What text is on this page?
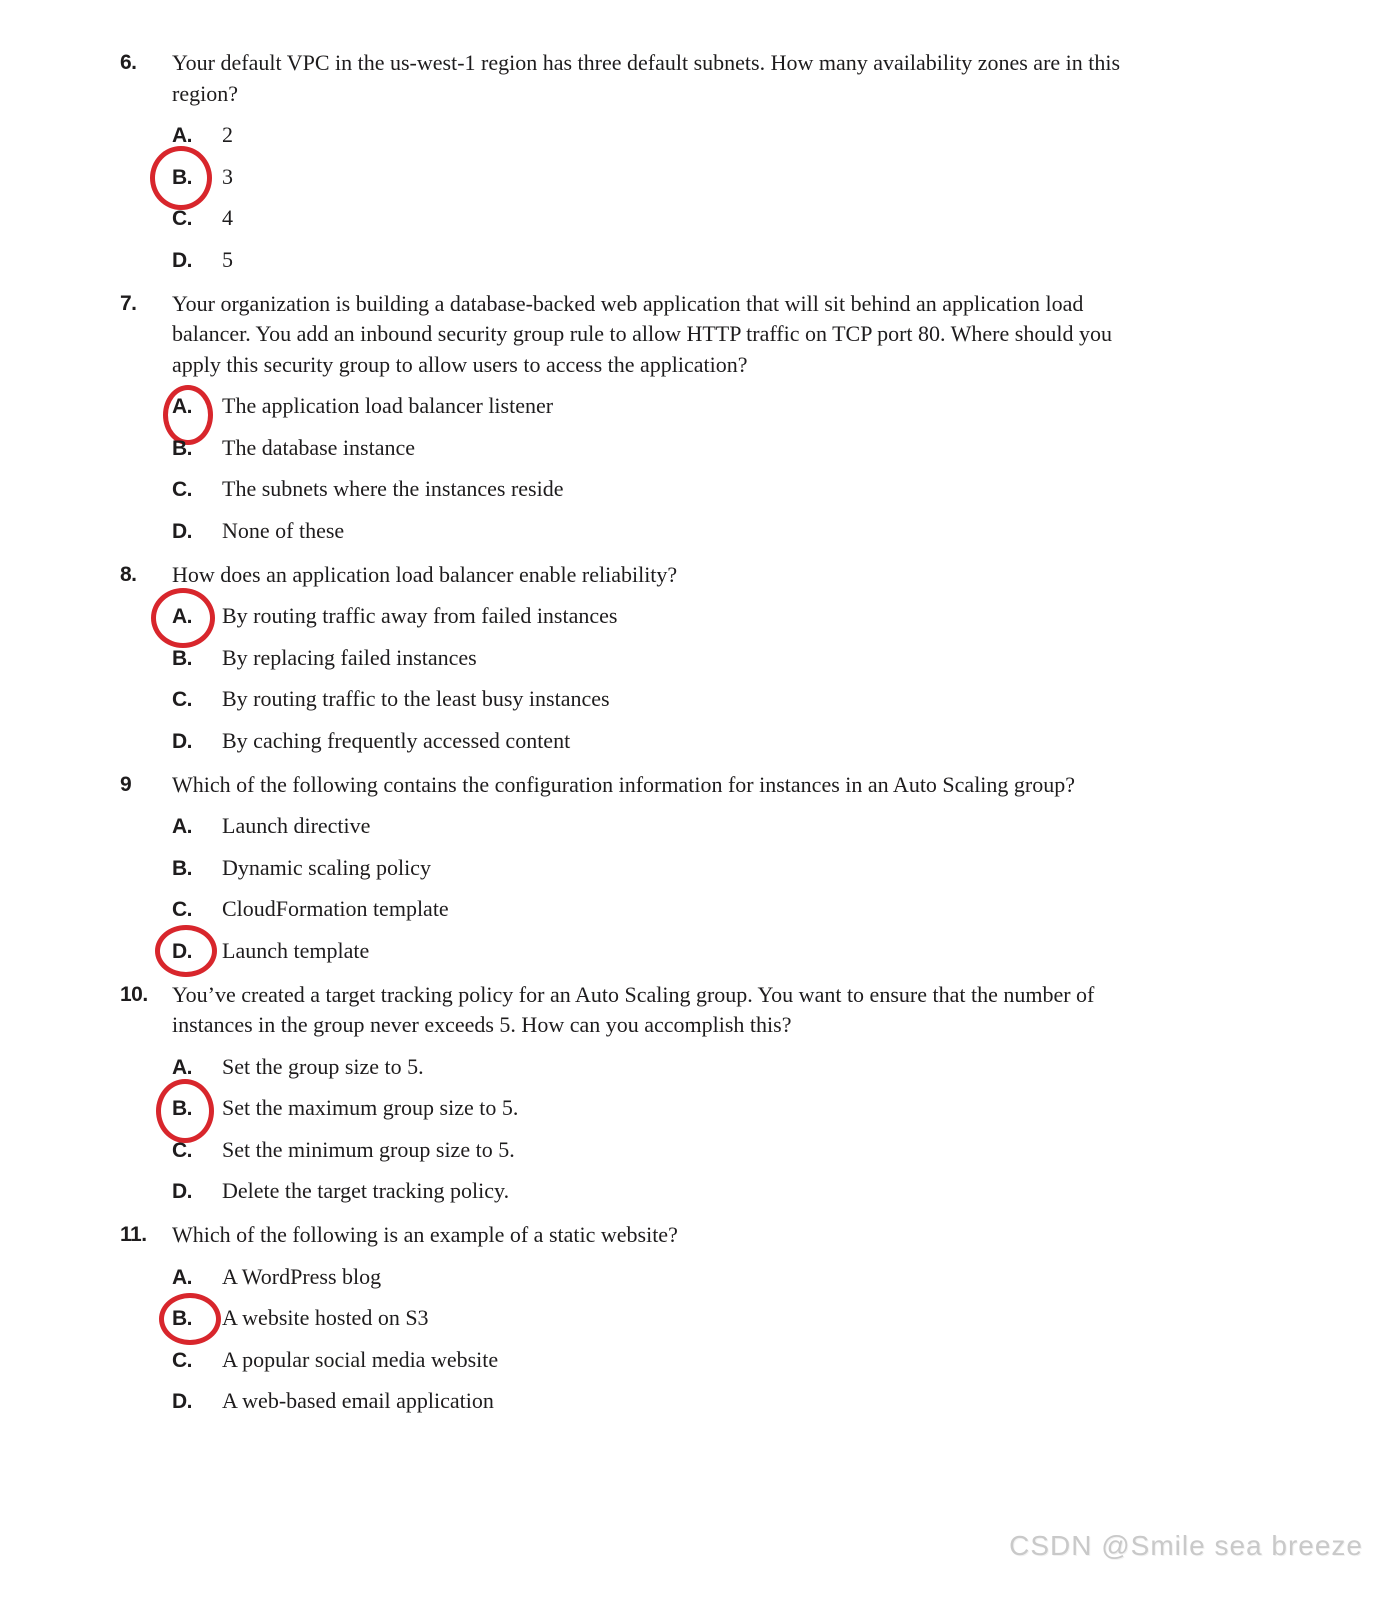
6.	Your default VPC in the us-west-1 region has three default subnets. How many availability zones are in this region?

A.	2
B.	3
C.	4
D.	5
7.	Your organization is building a database-backed web application that will sit behind an application load balancer. You add an inbound security group rule to allow HTTP traffic on TCP port 80. Where should you apply this security group to allow users to access the application?

A.	The application load balancer listener
B.	The database instance
C.	The subnets where the instances reside
D.	None of these
8.	How does an application load balancer enable reliability?

A.	By routing traffic away from failed instances
B.	By replacing failed instances
C.	By routing traffic to the least busy instances
D.	By caching frequently accessed content
9	Which of the following contains the configuration information for instances in an Auto Scaling group?

A.	Launch directive
B.	Dynamic scaling policy
C.	CloudFormation template
D.	Launch template
10.	You’ve created a target tracking policy for an Auto Scaling group. You want to ensure that the number of instances in the group never exceeds 5. How can you accomplish this?

A.	Set the group size to 5.
B.	Set the maximum group size to 5.
C.	Set the minimum group size to 5.
D.	Delete the target tracking policy.
11.	Which of the following is an example of a static website?

A.	A WordPress blog
B.	A website hosted on S3
C.	A popular social media website
D.	A web-based email application
CSDN @Smile sea breeze
